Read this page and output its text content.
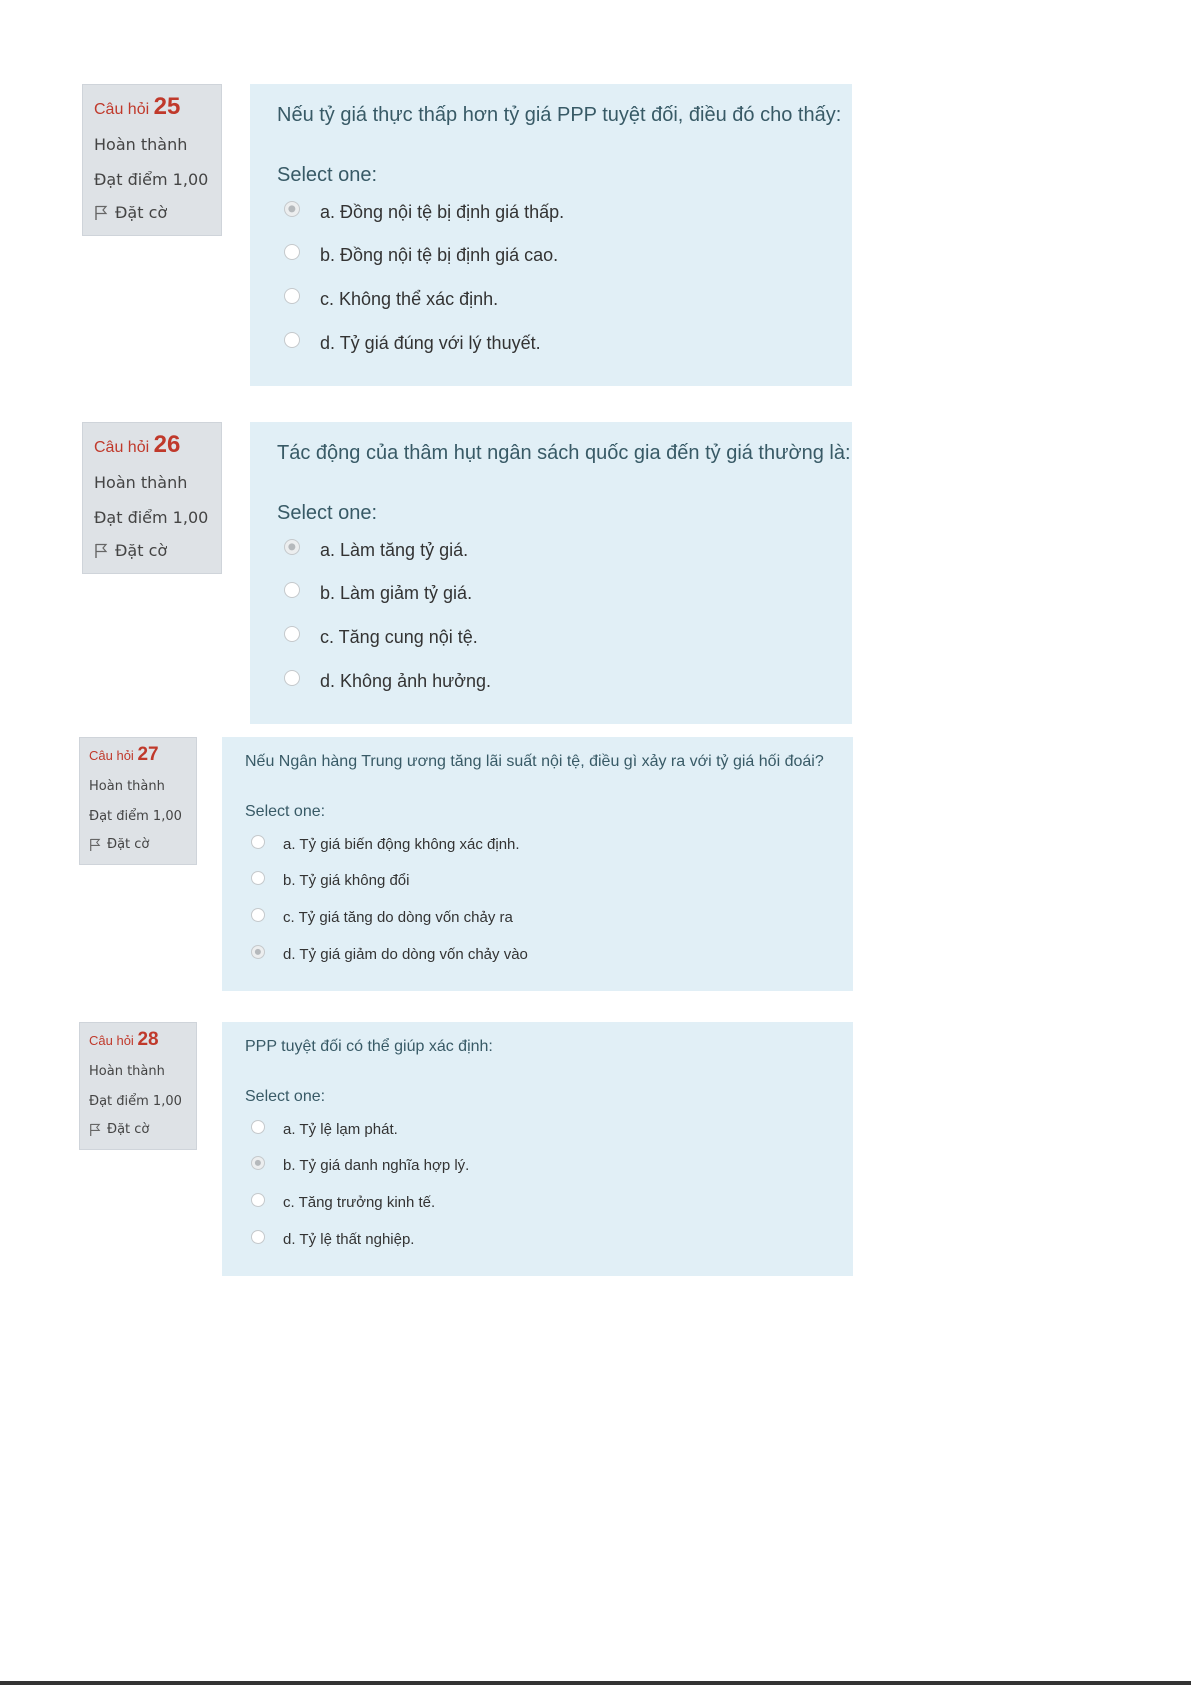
Câu hỏi 25
Hoàn thành
Đạt điểm 1,00
Đặt cờ
Nếu tỷ giá thực thấp hơn tỷ giá PPP tuyệt đối, điều đó cho thấy:
Select one:
a. Đồng nội tệ bị định giá thấp.
b. Đồng nội tệ bị định giá cao.
c. Không thể xác định.
d. Tỷ giá đúng với lý thuyết.
Câu hỏi 26
Hoàn thành
Đạt điểm 1,00
Đặt cờ
Tác động của thâm hụt ngân sách quốc gia đến tỷ giá thường là:
Select one:
a. Làm tăng tỷ giá.
b. Làm giảm tỷ giá.
c. Tăng cung nội tệ.
d. Không ảnh hưởng.
Câu hỏi 27
Hoàn thành
Đạt điểm 1,00
Đặt cờ
Nếu Ngân hàng Trung ương tăng lãi suất nội tệ, điều gì xảy ra với tỷ giá hối đoái?
Select one:
a. Tỷ giá biến động không xác định.
b. Tỷ giá không đổi
c. Tỷ giá tăng do dòng vốn chảy ra
d. Tỷ giá giảm do dòng vốn chảy vào
Câu hỏi 28
Hoàn thành
Đạt điểm 1,00
Đặt cờ
PPP tuyệt đối có thể giúp xác định:
Select one:
a. Tỷ lệ lạm phát.
b. Tỷ giá danh nghĩa hợp lý.
c. Tăng trưởng kinh tế.
d. Tỷ lệ thất nghiệp.
